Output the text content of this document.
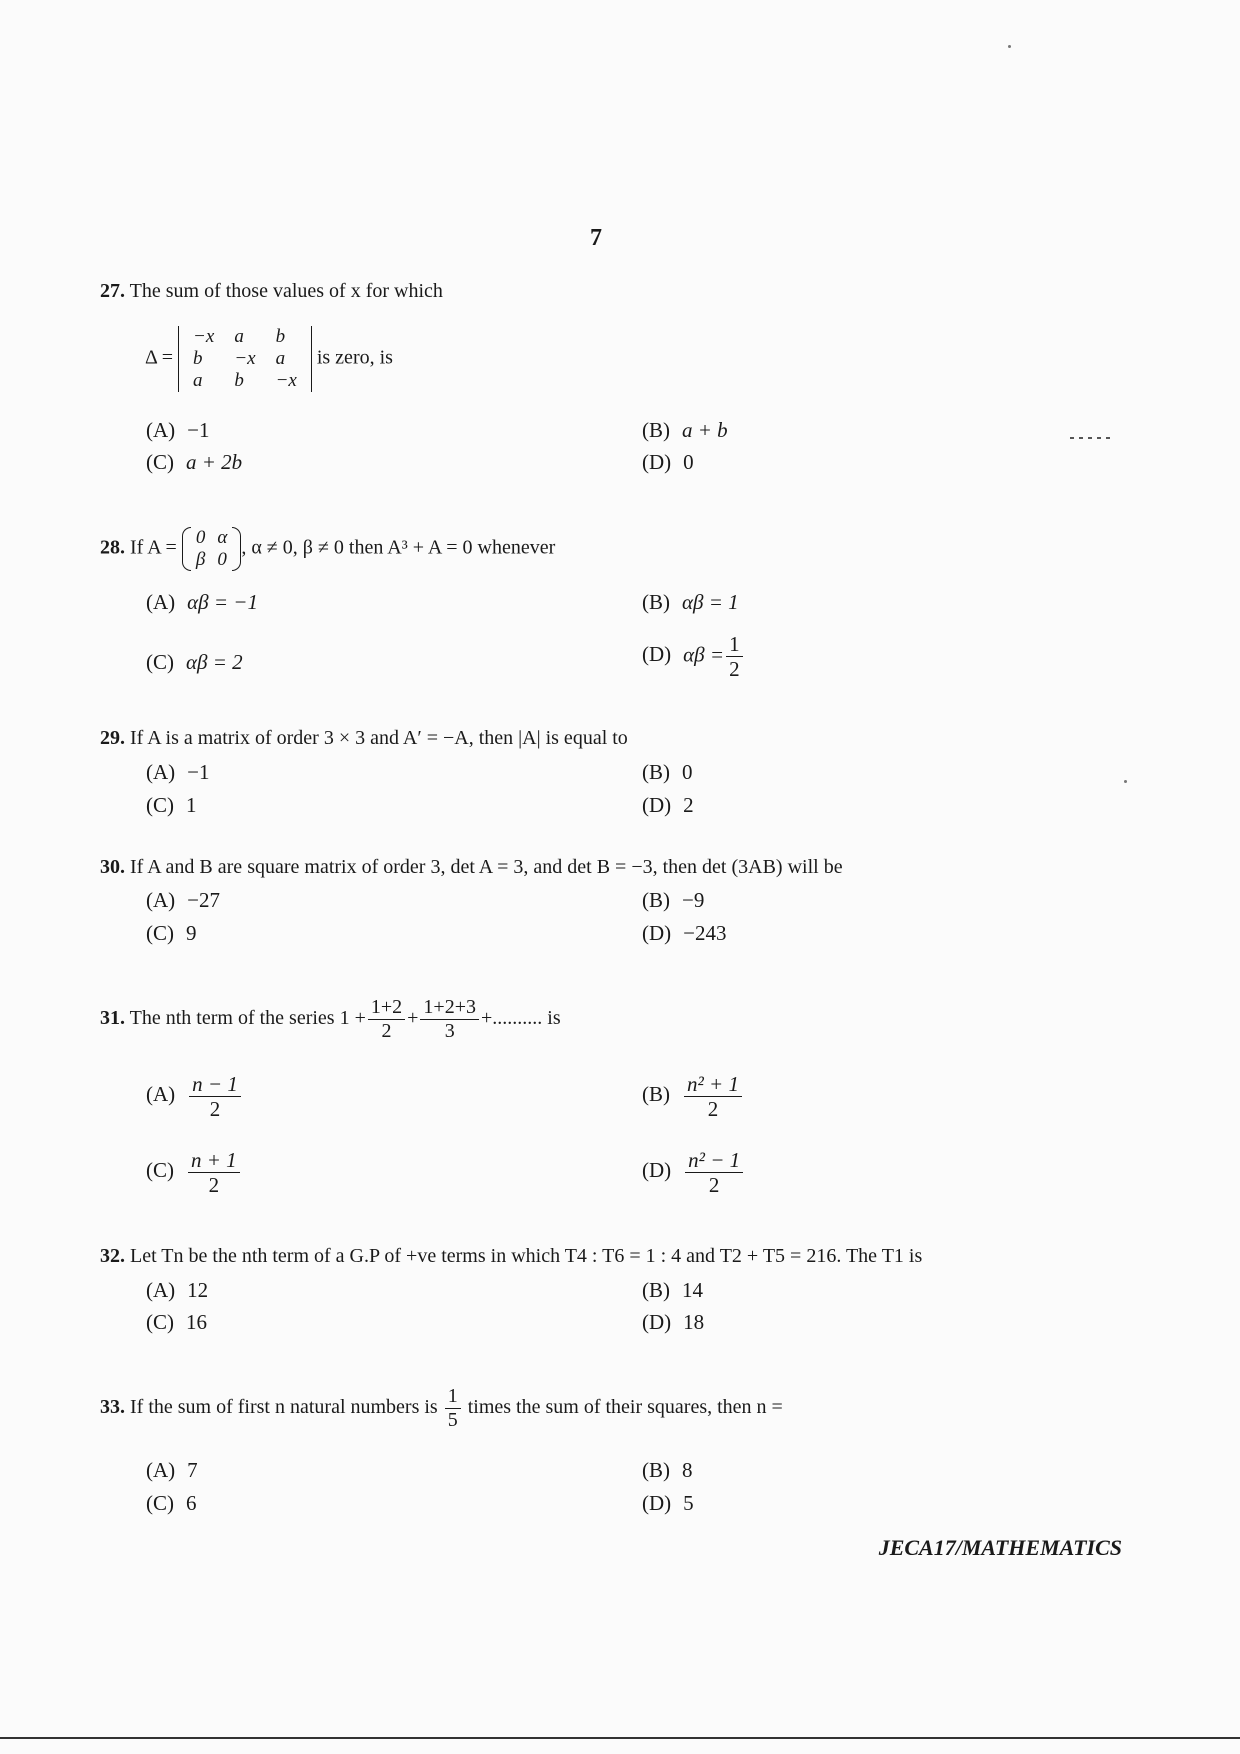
7
27. The sum of those values of x for which
Δ =
−x	a	b
b	−x	a
a	b	−x
is zero, is
(A) −1	(B) a + b
(C) a + 2b	(D) 0
28. If A = 0	α
β	0
, α ≠ 0, β ≠ 0 then A³ + A = 0 whenever
(A) αβ = −1	(B) αβ = 1
(C) αβ = 2	(D) $\alpha\beta = \frac{1}{2}$
29. If A is a matrix of order 3 × 3 and A′ = −A, then |A| is equal to
(A) −1	(B) 0
(C) 1	(D) 2
30. If A and B are square matrix of order 3, det A = 3, and det B = −3, then det (3AB) will be
(A) −27	(B) −9
(C) 9	(D) −243
31. The nth term of the series $1 + \frac{1+2}{2} + \frac{1+2+3}{3}$ +.......... is
$(A) \frac{n - 1}{2}$	$(B) \frac{\text{n² + 1}}{2}$
$(C) \frac{n + 1}{2}$	$(D) \frac{\text{n² − 1}}{2}$
32. Let Tn be the nth term of a G.P of +ve terms in which T4 : T6 = 1 : 4 and T2 + T5 = 216. The T1 is
(A) 12	(B) 14
(C) 16	(D) 18
33. If the sum of first n natural numbers is $\frac{1}{5}$ times the sum of their squares, then n =
(A) 7	(B) 8
(C) 6	(D) 5
JECA17/MATHEMATICS
